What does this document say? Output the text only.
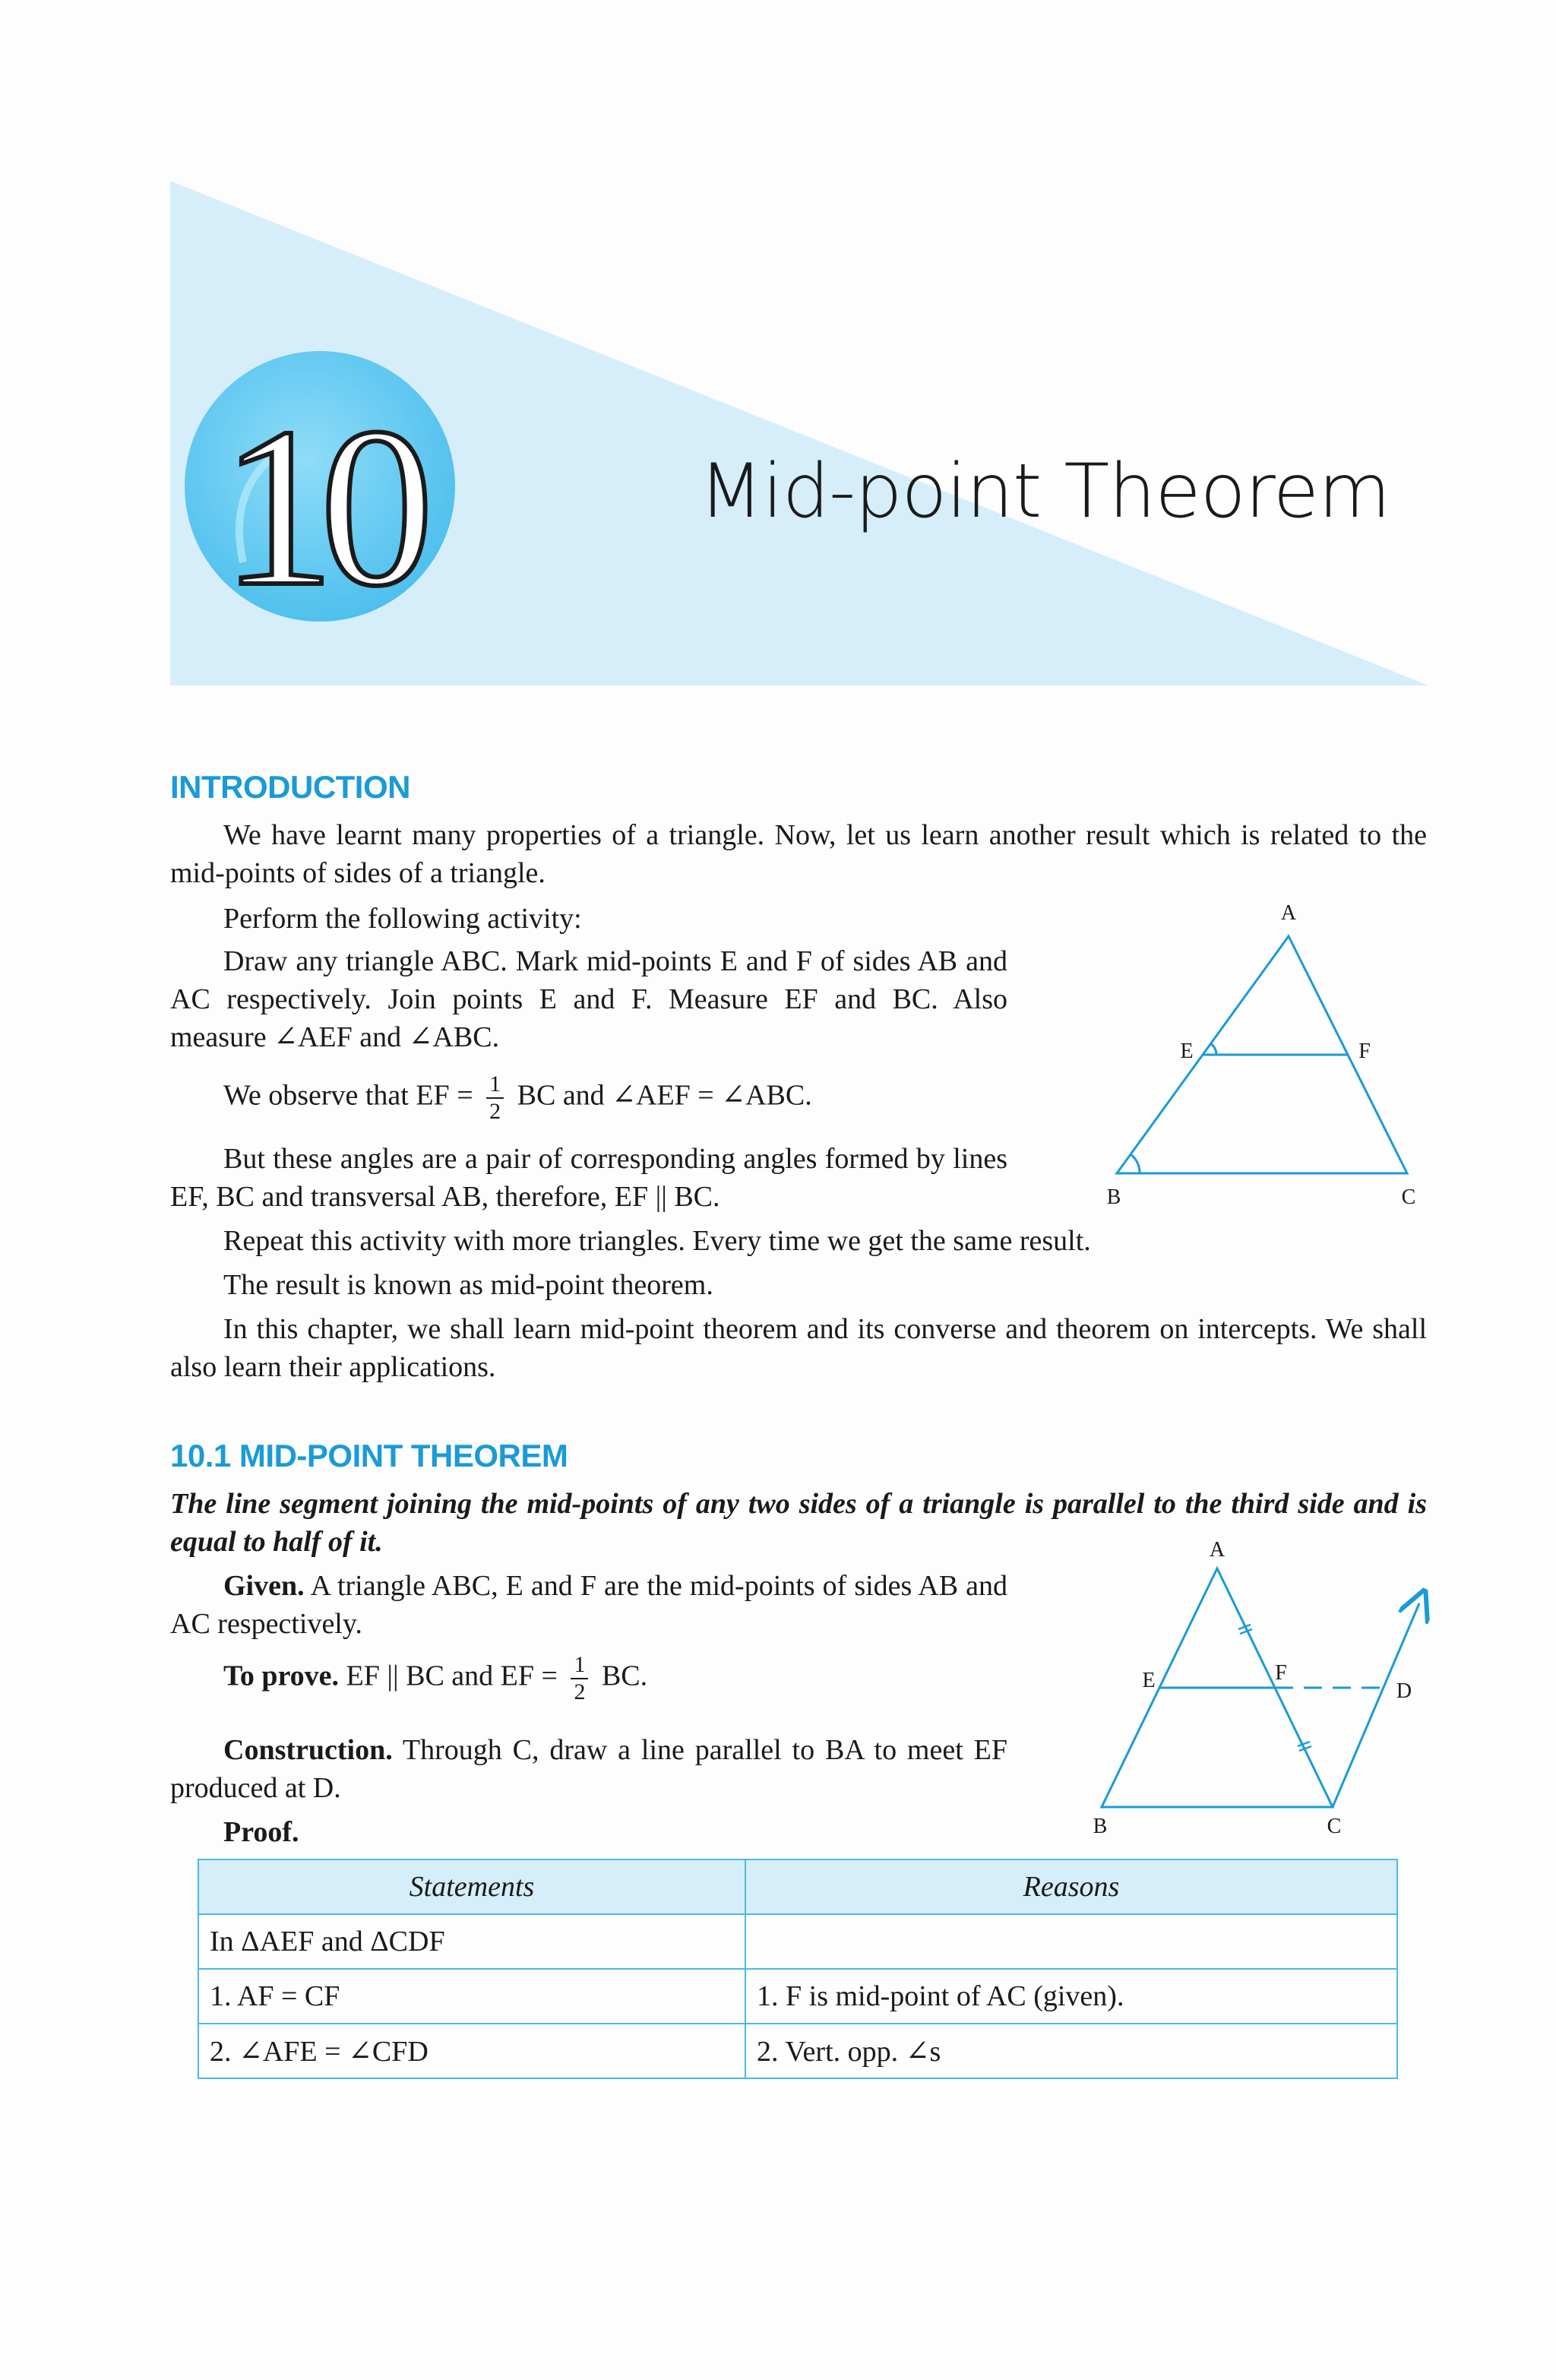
10	Mid-point Theorem
INTRODUCTION
We have learnt many properties of a triangle. Now, let us learn another result which is related to the mid-points of sides of a triangle.
Perform the following activity:
Draw any triangle ABC. Mark mid-points E and F of sides AB and AC respectively. Join points E and F. Measure EF and BC. Also measure ∠AEF and ∠ABC.
We observe that EF = $\frac{1}{2}$ BC and ∠AEF = ∠ABC.
But these angles are a pair of corresponding angles formed by lines EF, BC and transversal AB, therefore, EF || BC.
Repeat this activity with more triangles. Every time we get the same result.
The result is known as mid-point theorem.
In this chapter, we shall learn mid-point theorem and its converse and theorem on intercepts. We shall also learn their applications.
A
E	F
B	C
10.1 MID-POINT THEOREM
The line segment joining the mid-points of any two sides of a triangle is parallel to the third side and is equal to half of it.
Given. A triangle ABC, E and F are the mid-points of sides AB and AC respectively.
To prove. EF || BC and EF = $\frac{1}{2}$ BC.
Construction. Through C, draw a line parallel to BA to meet EF produced at D.
Proof.
A
E	F
D
B	C
Statements	Reasons
In ΔAEF and ΔCDF	
1. AF = CF	1. F is mid-point of AC (given).
2. ∠AFE = ∠CFD	2. Vert. opp. ∠s
